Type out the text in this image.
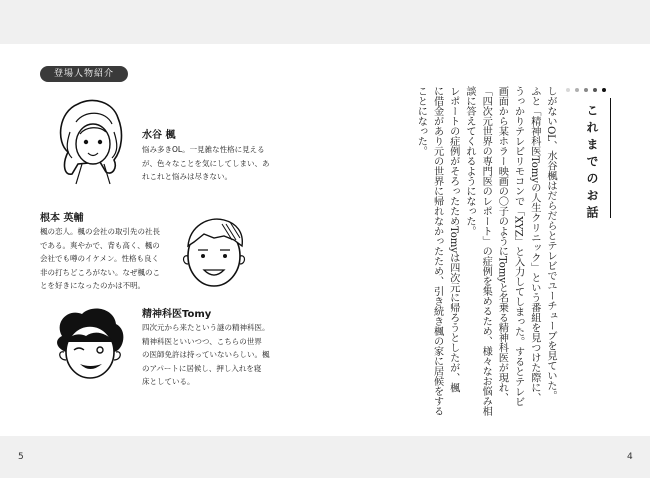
5	4
登場人物紹介
水谷 楓
悩み多きOL。一見雑な性格に見える
が、色々なことを気にしてしまい、あ
れこれと悩みは尽きない。
根本 英輔
楓の恋人。楓の会社の取引先の社長
である。爽やかで、背も高く、楓の
会社でも噂のイケメン。性格も良く
非の打ちどころがない。なぜ楓のこ
とを好きになったのかは不明。
精神科医Tomy
四次元から来たという謎の精神科医。
精神科医といいつつ、こちらの世界
の医師免許は持っていないらしい。楓
のアパートに居候し、押し入れを寝
床としている。
これまでのお話
しがないOL、水谷楓はだらだらとテレビでユーチューブを見ていた。
ふと「精神科医Tomyの人生クリニック」という番組を見つけた際に、
うっかりテレビリモコンで「XYZ」と入力してしまった。するとテレビ
画面から某ホラー映画の〇子のようにTomyと名乗る精神科医が現れ、
「四次元世界の専門医のレポート」の症例を集めるため、様々なお悩み相
談に答えてくれるようになった。
レポートの症例がそろったためTomyは四次元に帰ろうとしたが、楓
に借金があり元の世界に帰れなかったため、引き続き楓の家に居候をする
ことになった。
